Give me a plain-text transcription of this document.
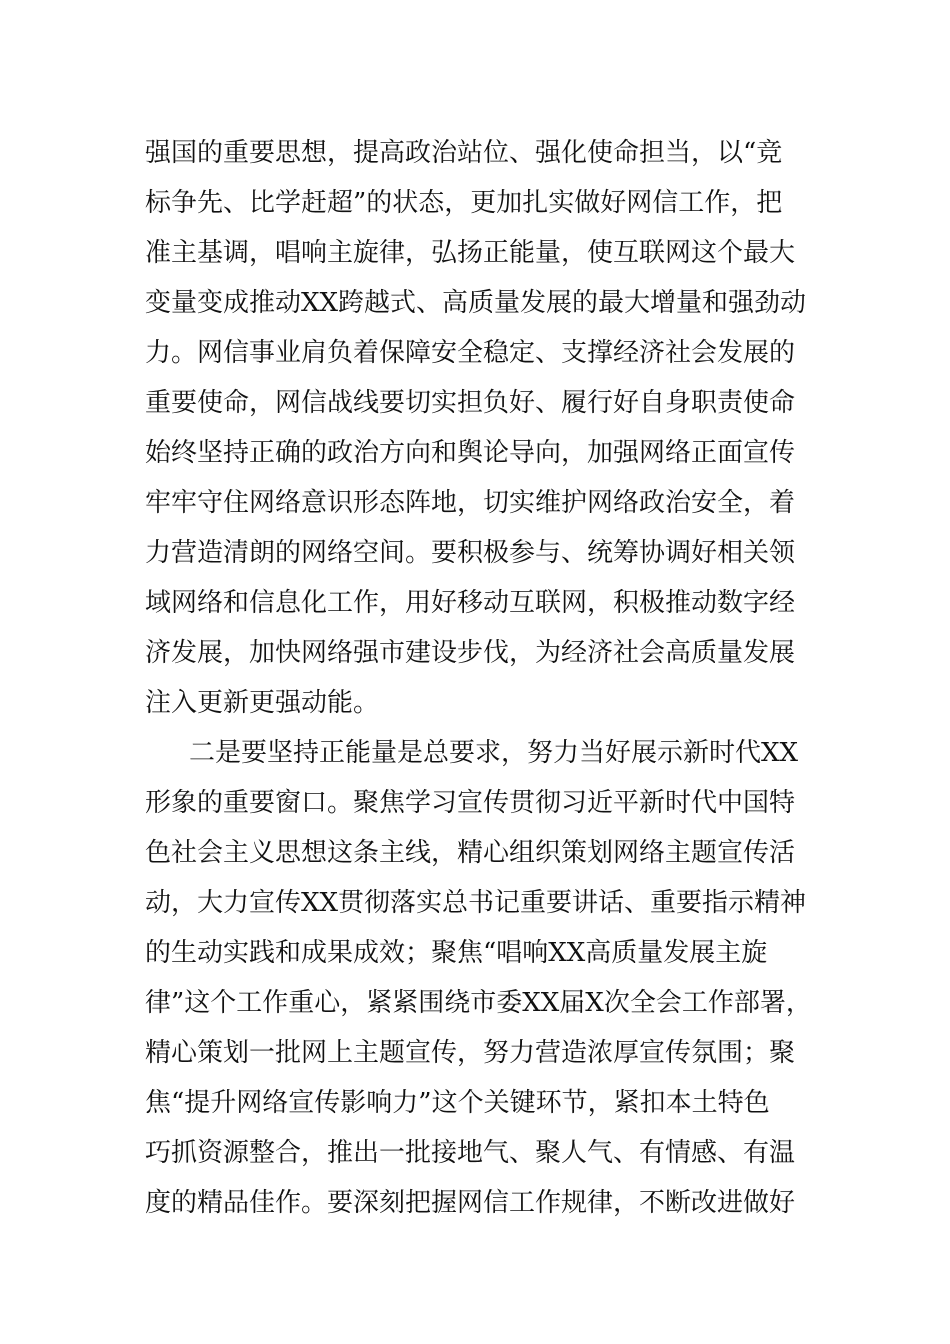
强国的重要思想，提高政治站位、强化使命担当，以“竞
标争先、比学赶超”的状态，更加扎实做好网信工作，把
准主基调，唱响主旋律，弘扬正能量，使互联网这个最大
变量变成推动XX跨越式、高质量发展的最大增量和强劲动
力。网信事业肩负着保障安全稳定、支撑经济社会发展的
重要使命，网信战线要切实担负好、履行好自身职责使命
始终坚持正确的政治方向和舆论导向，加强网络正面宣传
牢牢守住网络意识形态阵地，切实维护网络政治安全，着
力营造清朗的网络空间。要积极参与、统筹协调好相关领
域网络和信息化工作，用好移动互联网，积极推动数字经
济发展，加快网络强市建设步伐，为经济社会高质量发展
注入更新更强动能。
二是要坚持正能量是总要求，努力当好展示新时代XX
形象的重要窗口。聚焦学习宣传贯彻习近平新时代中国特
色社会主义思想这条主线，精心组织策划网络主题宣传活
动，大力宣传XX贯彻落实总书记重要讲话、重要指示精神
的生动实践和成果成效；聚焦“唱响XX高质量发展主旋
律”这个工作重心，紧紧围绕市委XX届X次全会工作部署，
精心策划一批网上主题宣传，努力营造浓厚宣传氛围；聚
焦“提升网络宣传影响力”这个关键环节，紧扣本土特色
巧抓资源整合，推出一批接地气、聚人气、有情感、有温
度的精品佳作。要深刻把握网信工作规律，不断改进做好
